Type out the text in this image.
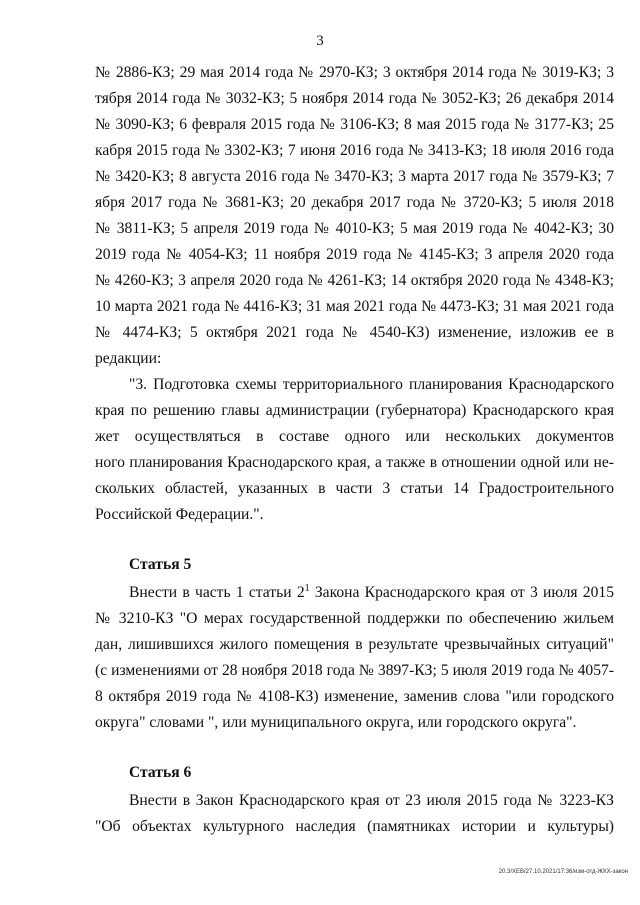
3
№ 2886-КЗ; 29 мая 2014 года № 2970-КЗ; 3 октября 2014 года № 3019-КЗ; 3
тября 2014 года № 3032-КЗ; 5 ноября 2014 года № 3052-КЗ; 26 декабря 2014
№ 3090-КЗ; 6 февраля 2015 года № 3106-КЗ; 8 мая 2015 года № 3177-КЗ; 25
кабря 2015 года № 3302-КЗ; 7 июня 2016 года № 3413-КЗ; 18 июля 2016 года
№ 3420-КЗ; 8 августа 2016 года № 3470-КЗ; 3 марта 2017 года № 3579-КЗ; 7
ября 2017 года № 3681-КЗ; 20 декабря 2017 года № 3720-КЗ; 5 июля 2018
№ 3811-КЗ; 5 апреля 2019 года № 4010-КЗ; 5 мая 2019 года № 4042-КЗ; 30
2019 года № 4054-КЗ; 11 ноября 2019 года № 4145-КЗ; 3 апреля 2020 года
№ 4260-КЗ; 3 апреля 2020 года № 4261-КЗ; 14 октября 2020 года № 4348-КЗ;
10 марта 2021 года № 4416-КЗ; 31 мая 2021 года № 4473-КЗ; 31 мая 2021 года
№ 4474-КЗ; 5 октября 2021 года № 4540-КЗ) изменение, изложив ее в
редакции:
"3. Подготовка схемы территориального планирования Краснодарского
края по решению главы администрации (губернатора) Краснодарского края
жет осуществляться в составе одного или нескольких документов
ного планирования Краснодарского края, а также в отношении одной или не-
скольких областей, указанных в части 3 статьи 14 Градостроительного
Российской Федерации.".
Статья 5
Внести в часть 1 статьи $2^1$ Закона Краснодарского края от 3 июля 2015
№ 3210-КЗ "О мерах государственной поддержки по обеспечению жильем
дан, лишившихся жилого помещения в результате чрезвычайных ситуаций"
(с изменениями от 28 ноября 2018 года № 3897-КЗ; 5 июля 2019 года № 4057-
8 октября 2019 года № 4108-КЗ) изменение, заменив слова "или городского
округа" словами ", или муниципального округа, или городского округа".
Статья 6
Внести в Закон Краснодарского края от 23 июля 2015 года № 3223-КЗ
"Об объектах культурного наследия (памятниках истории и культуры)
20.3/ХЕВ/27.10.2021/17:36/изм-отд-ЖКХ-закон
